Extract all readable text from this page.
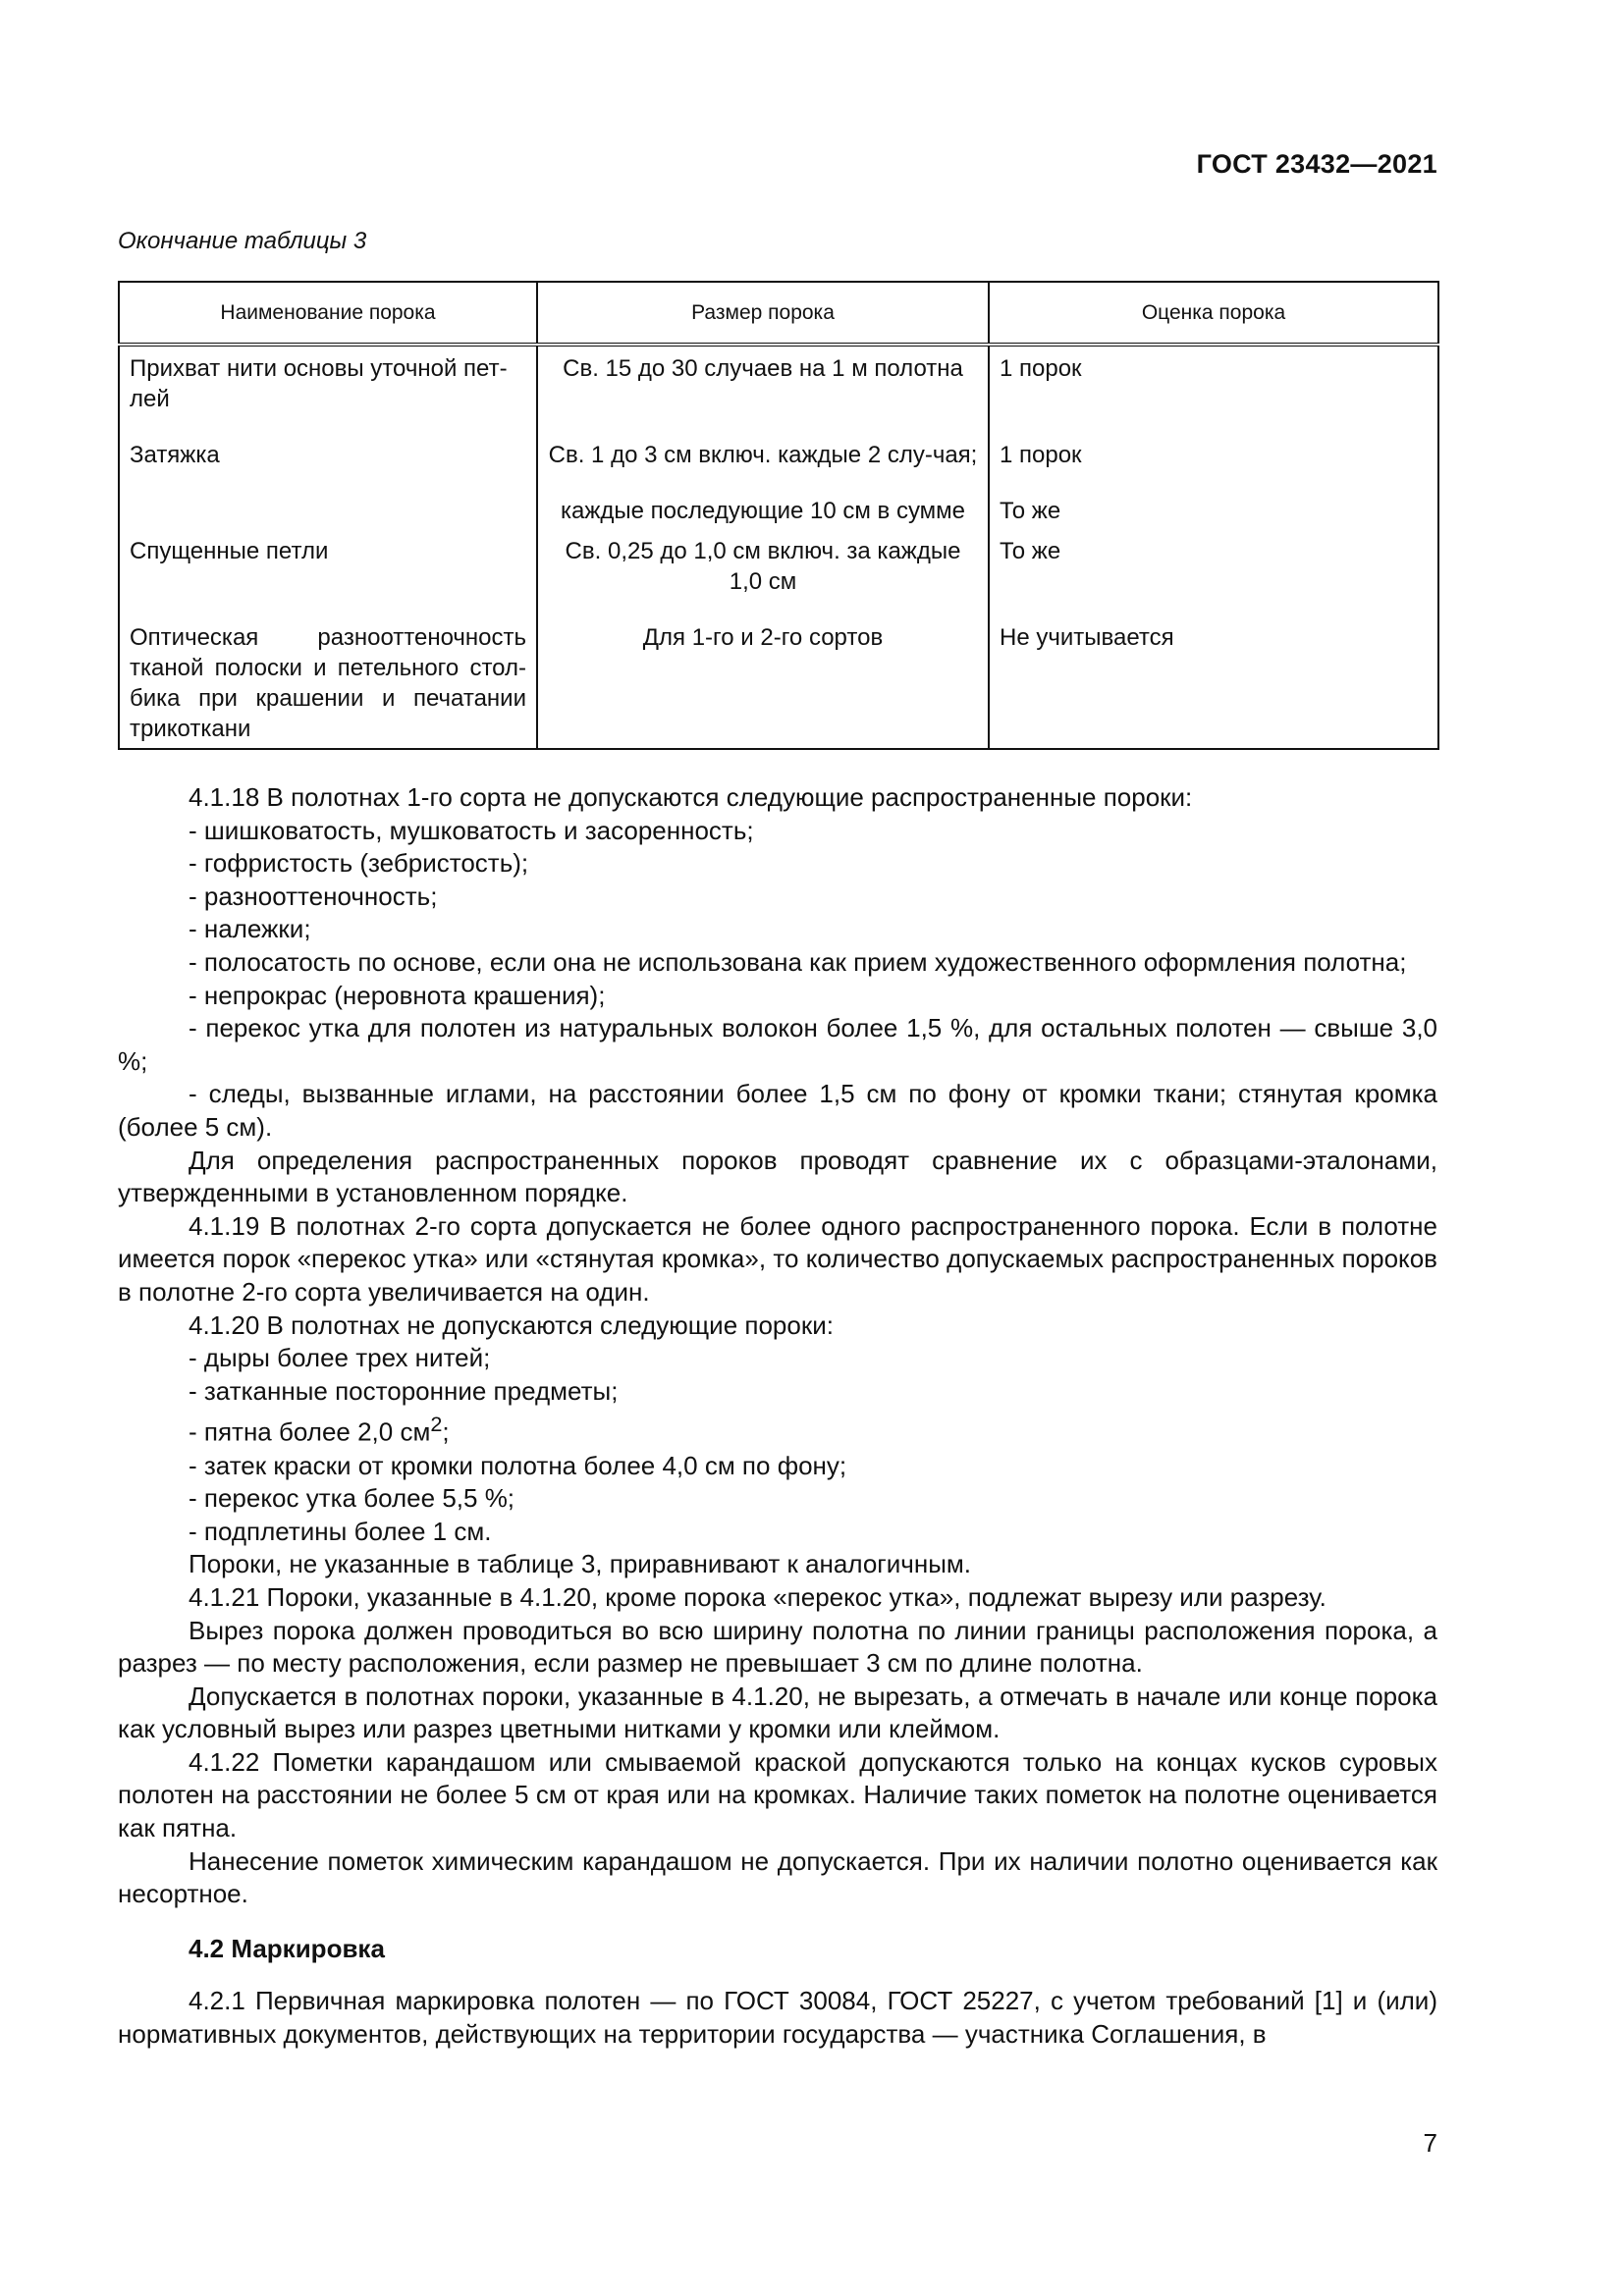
ГОСТ 23432—2021
Окончание таблицы 3
Наименование порока	Размер порока	Оценка порока
Прихват нити основы уточной пет-лей	Св. 15 до 30 случаев на 1 м полотна	1 порок
Затяжка	Св. 1 до 3 см включ. каждые 2 слу-чая;	1 порок
	каждые последующие 10 см в сумме	То же
Спущенные петли	Св. 0,25 до 1,0 см включ. за каждые 1,0 см	То же
Оптическая разнооттеночность тканой полоски и петельного стол-бика при крашении и печатании трикоткани	Для 1-го и 2-го сортов	Не учитывается

4.1.18 В полотнах 1-го сорта не допускаются следующие распространенные пороки:

- шишковатость, мушковатость и засоренность;

- гофристость (зебристость);

- разнооттеночность;

- належки;

- полосатость по основе, если она не использована как прием художественного оформления полотна;

- непрокрас (неровнота крашения);

- перекос утка для полотен из натуральных волокон более 1,5 %, для остальных полотен — свыше 3,0 %;

- следы, вызванные иглами, на расстоянии более 1,5 см по фону от кромки ткани; стянутая кромка (более 5 см).

Для определения распространенных пороков проводят сравнение их с образцами-эталонами, утвержденными в установленном порядке.

4.1.19 В полотнах 2-го сорта допускается не более одного распространенного порока. Если в полотне имеется порок «перекос утка» или «стянутая кромка», то количество допускаемых распространенных пороков в полотне 2-го сорта увеличивается на один.

4.1.20 В полотнах не допускаются следующие пороки:

- дыры более трех нитей;

- затканные посторонние предметы;

- пятна более 2,0 $см^2$;

- затек краски от кромки полотна более 4,0 см по фону;

- перекос утка более 5,5 %;

- подплетины более 1 см.

Пороки, не указанные в таблице 3, приравнивают к аналогичным.

4.1.21 Пороки, указанные в 4.1.20, кроме порока «перекос утка», подлежат вырезу или разрезу.

Вырез порока должен проводиться во всю ширину полотна по линии границы расположения порока, а разрез — по месту расположения, если размер не превышает 3 см по длине полотна.

Допускается в полотнах пороки, указанные в 4.1.20, не вырезать, а отмечать в начале или конце порока как условный вырез или разрез цветными нитками у кромки или клеймом.

4.1.22 Пометки карандашом или смываемой краской допускаются только на концах кусков суровых полотен на расстоянии не более 5 см от края или на кромках. Наличие таких пометок на полотне оценивается как пятна.

Нанесение пометок химическим карандашом не допускается. При их наличии полотно оценивается как несортное.

4.2 Маркировка

4.2.1 Первичная маркировка полотен — по ГОСТ 30084, ГОСТ 25227, с учетом требований [1] и (или) нормативных документов, действующих на территории государства — участника Соглашения, в

7
